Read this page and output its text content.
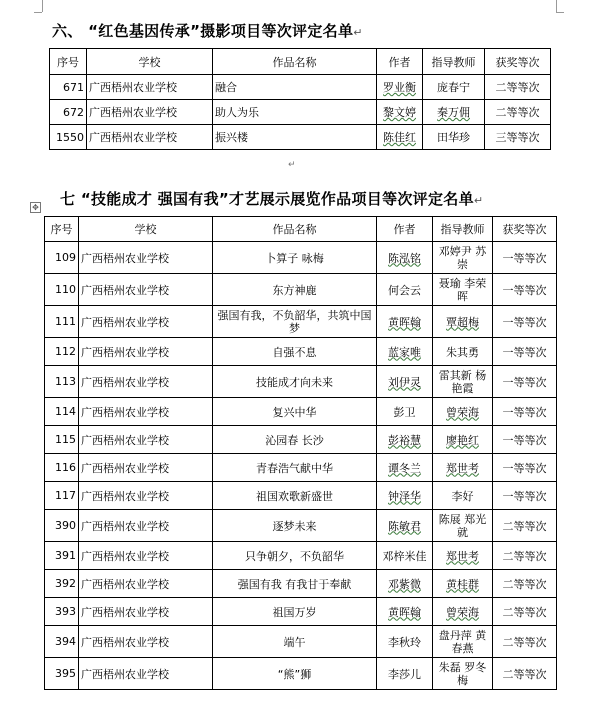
六、 “红色基因传承”摄影项目等次评定名单↵
序号	学校	作品名称	作者	指导教师	获奖等次
671	广西梧州农业学校	融合	罗业衡	庞春宁	二等等次
672	广西梧州农业学校	助人为乐	黎文婷	秦万佣	二等等次
1550	广西梧州农业学校	振兴楼	陈佳红	田华珍	三等等次
↵
✥ 七 “技能成才 强国有我”才艺展示展览作品项目等次评定名单↵
序号	学校	作品名称	作者	指导教师	获奖等次
109	广西梧州农业学校	卜算子 咏梅	陈泓铭	邓婷尹 苏崇	一等等次
110	广西梧州农业学校	东方神鹿	何会云	聂瑜 李荣晖	一等等次
111	广西梧州农业学校	强国有我，不负韶华，共筑中国梦	黄晖翰	覃超梅	一等等次
112	广西梧州农业学校	自强不息	蓝家唯	朱其勇	一等等次
113	广西梧州农业学校	技能成才向未来	刘伊灵	雷其新 杨艳霞	一等等次
114	广西梧州农业学校	复兴中华	彭卫	曾荣海	一等等次
115	广西梧州农业学校	沁园春 长沙	彭裕慧	廖艳红	一等等次
116	广西梧州农业学校	青春浩气献中华	谭冬兰	郑世考	一等等次
117	广西梧州农业学校	祖国欢歌新盛世	钟泽华	李好	一等等次
390	广西梧州农业学校	逐梦未来	陈敏君	陈展 郑光就	二等等次
391	广西梧州农业学校	只争朝夕，不负韶华	邓梓米佳	郑世考	二等等次
392	广西梧州农业学校	强国有我 有我甘于奉献	邓紫微	黄桂群	二等等次
393	广西梧州农业学校	祖国万岁	黄晖翰	曾荣海	二等等次
394	广西梧州农业学校	端午	李秋玲	盘丹萍 黄春燕	二等等次
395	广西梧州农业学校	“熊”狮	李莎儿	朱磊 罗冬梅	二等等次
